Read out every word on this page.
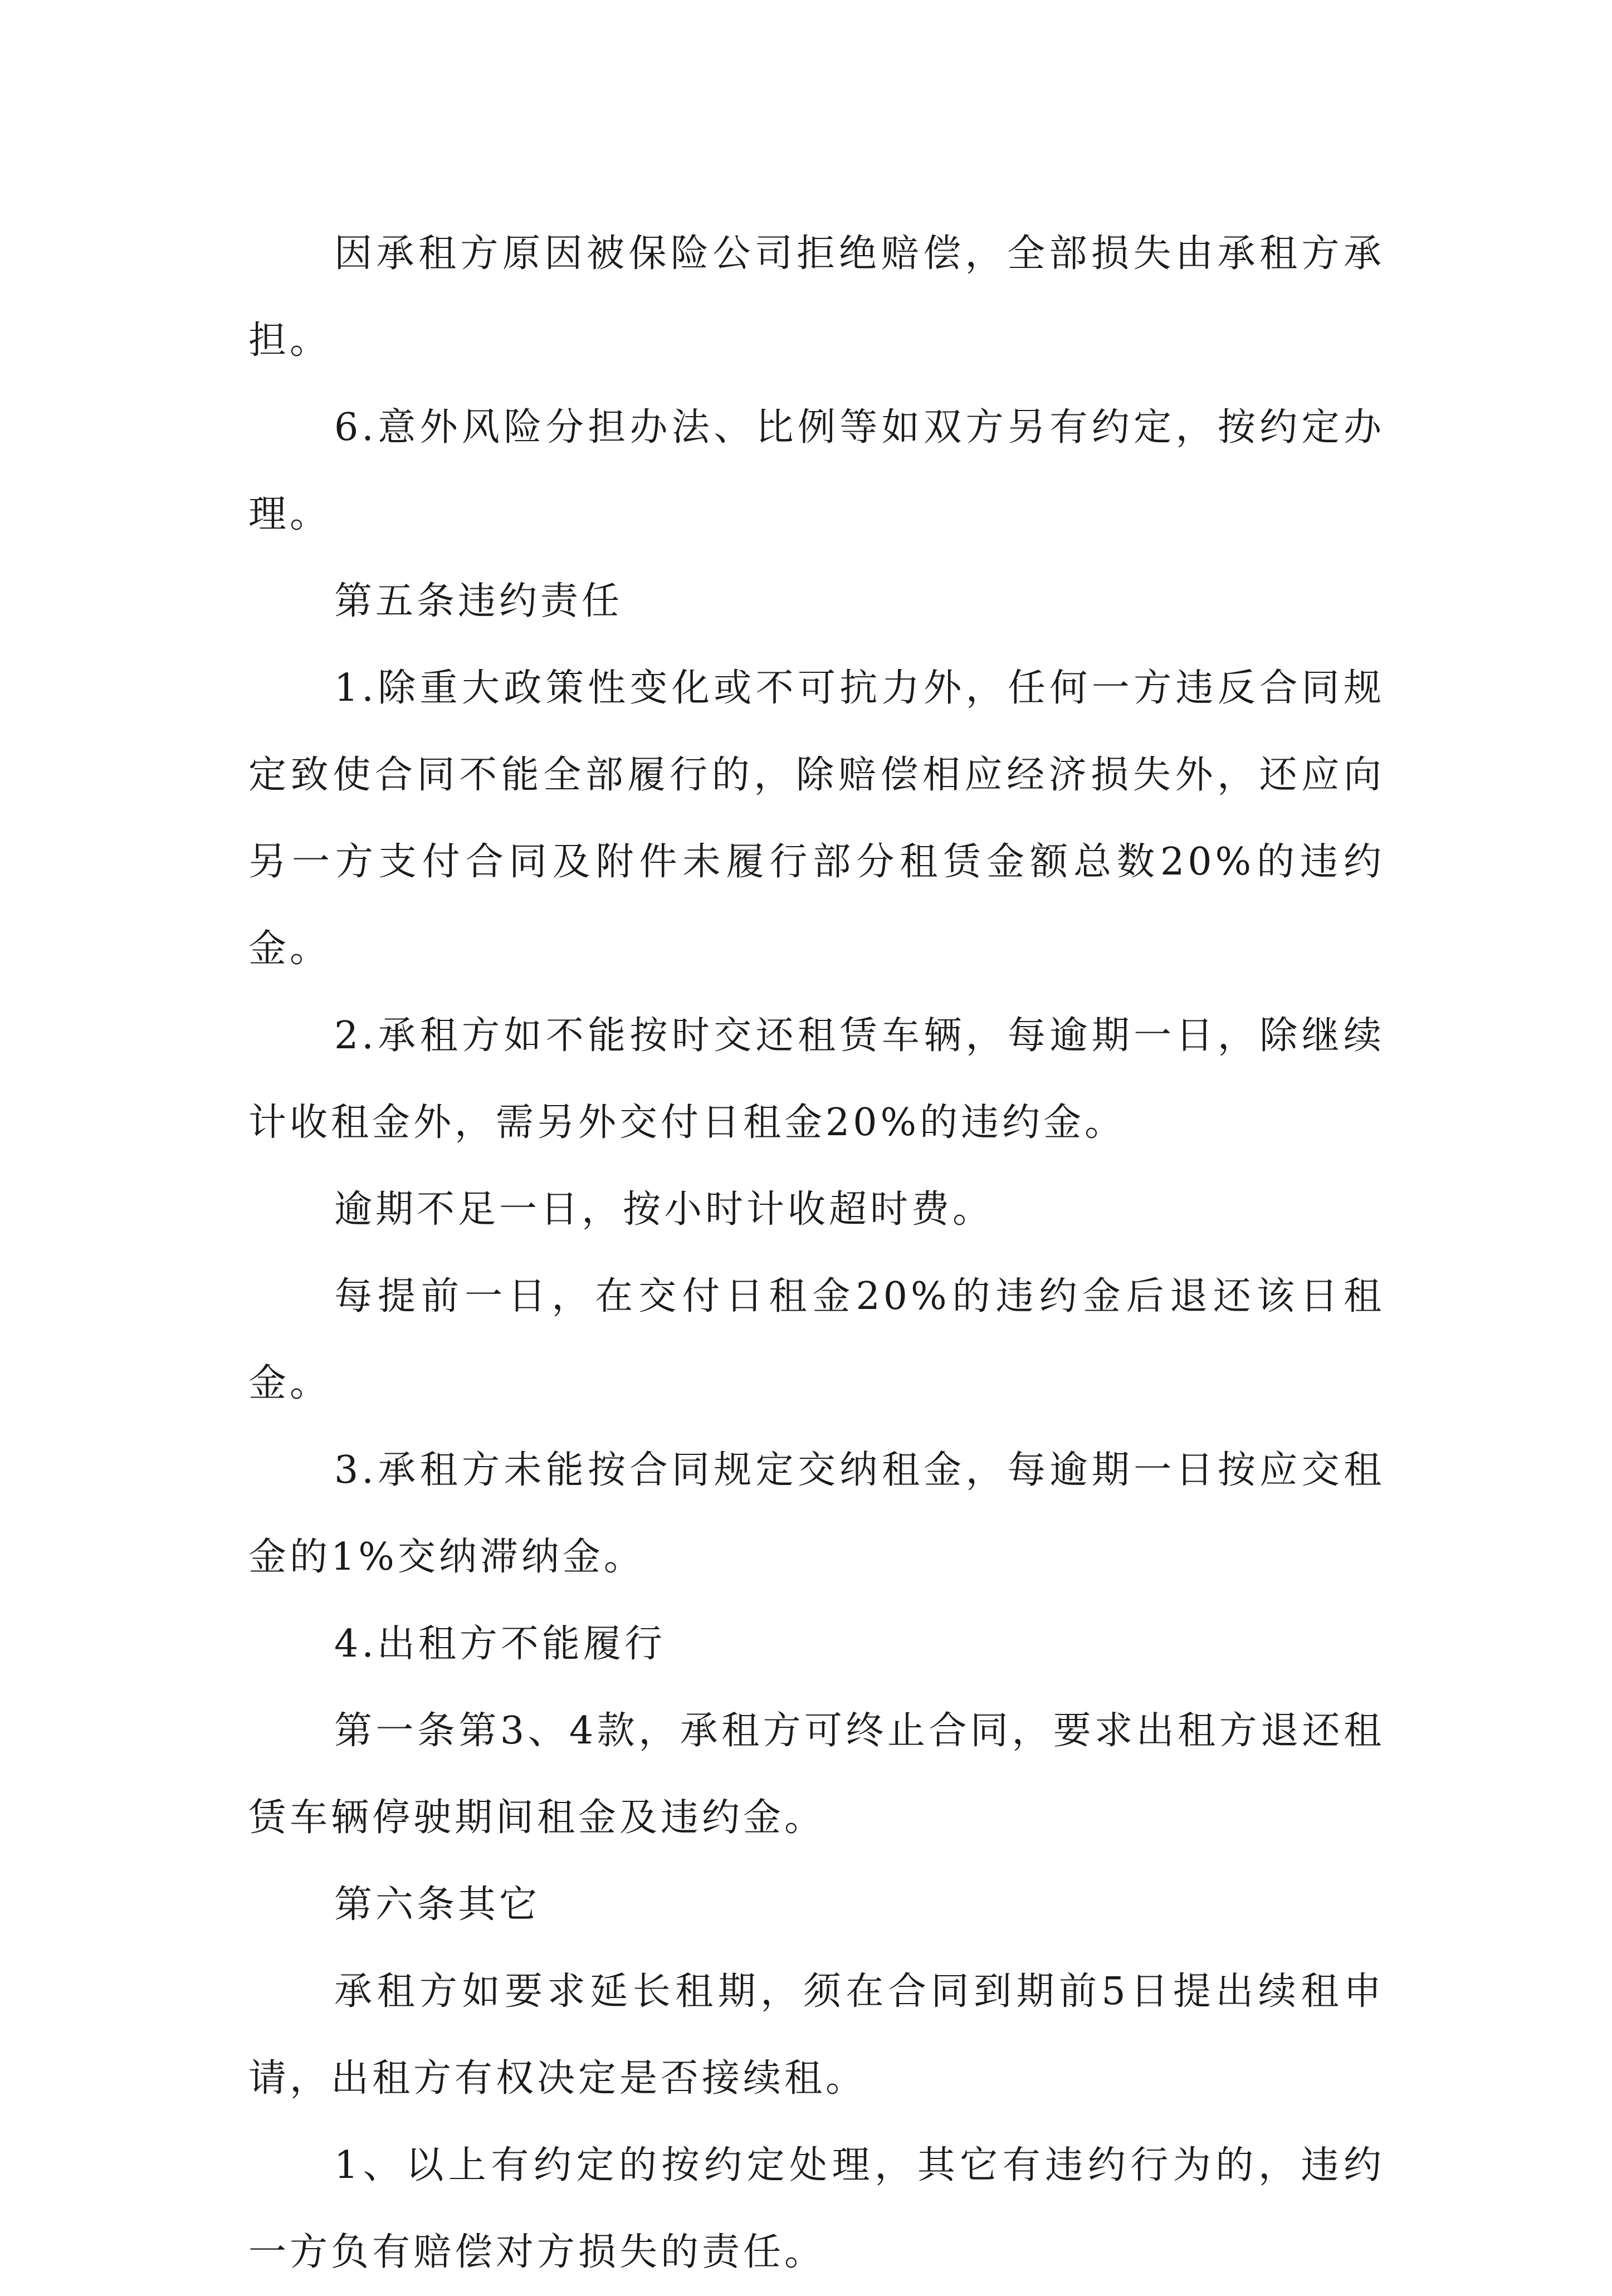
因承租方原因被保险公司拒绝赔偿，全部损失由承租方承担。

6.意外风险分担办法、比例等如双方另有约定，按约定办理。

第五条违约责任

1.除重大政策性变化或不可抗力外，任何一方违反合同规定致使合同不能全部履行的，除赔偿相应经济损失外，还应向另一方支付合同及附件未履行部分租赁金额总数20%的违约金。

2.承租方如不能按时交还租赁车辆，每逾期一日，除继续计收租金外，需另外交付日租金20%的违约金。

逾期不足一日，按小时计收超时费。

每提前一日，在交付日租金20%的违约金后退还该日租金。

3.承租方未能按合同规定交纳租金，每逾期一日按应交租金的1%交纳滞纳金。

4.出租方不能履行

第一条第3、4款，承租方可终止合同，要求出租方退还租赁车辆停驶期间租金及违约金。

第六条其它

承租方如要求延长租期，须在合同到期前5日提出续租申请，出租方有权决定是否接续租。

1、以上有约定的按约定处理，其它有违约行为的，违约一方负有赔偿对方损失的责任。
